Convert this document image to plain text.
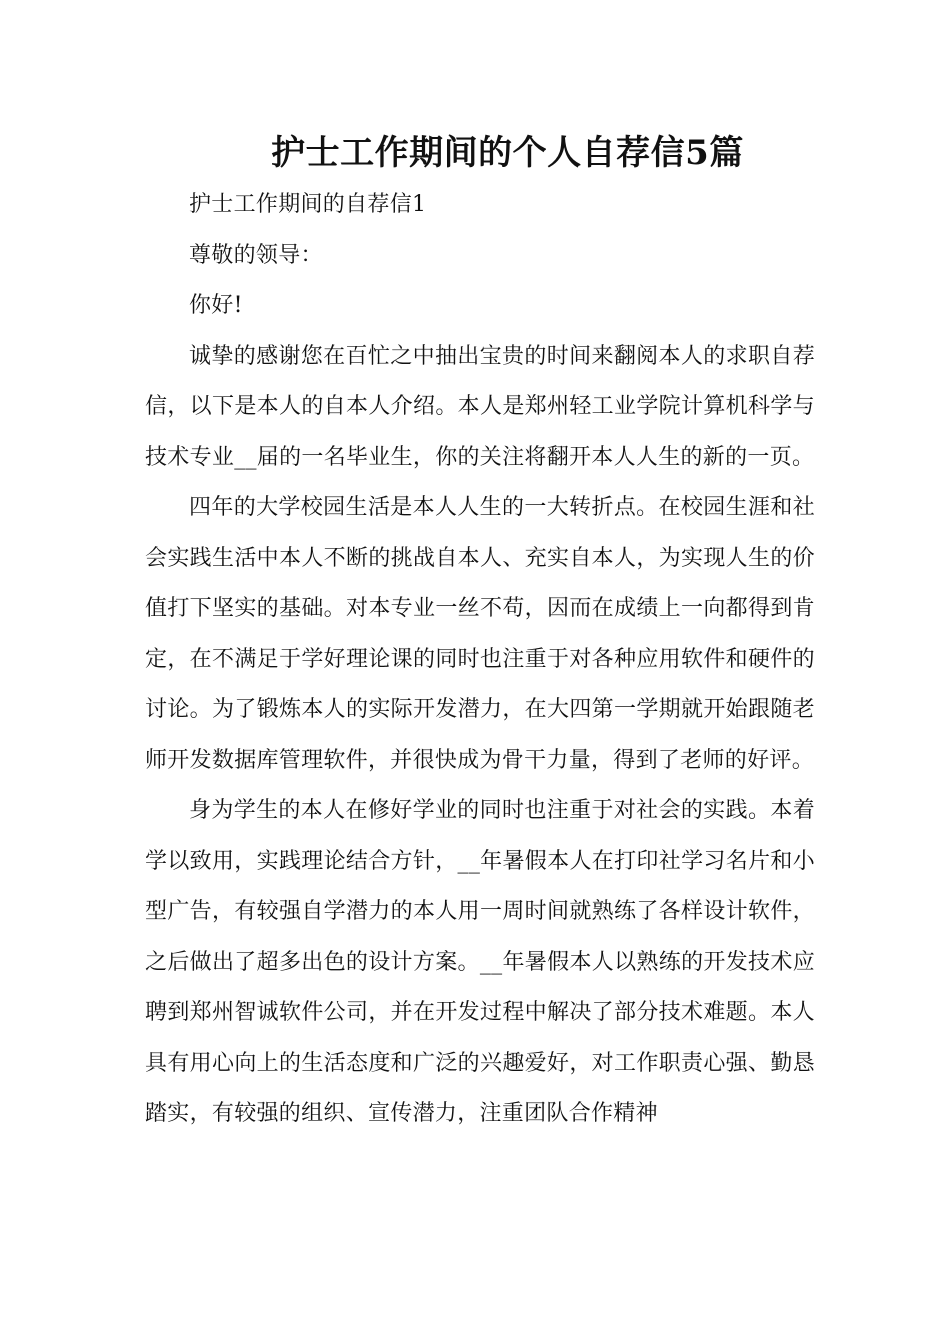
护士工作期间的个人自荐信5篇

护士工作期间的自荐信1

尊敬的领导：

你好!

诚挚的感谢您在百忙之中抽出宝贵的时间来翻阅本人的求职自荐信，以下是本人的自本人介绍。本人是郑州轻工业学院计算机科学与技术专业__届的一名毕业生，你的关注将翻开本人人生的新的一页。

四年的大学校园生活是本人人生的一大转折点。在校园生涯和社会实践生活中本人不断的挑战自本人、充实自本人，为实现人生的价值打下坚实的基础。对本专业一丝不苟，因而在成绩上一向都得到肯定，在不满足于学好理论课的同时也注重于对各种应用软件和硬件的讨论。为了锻炼本人的实际开发潜力，在大四第一学期就开始跟随老师开发数据库管理软件，并很快成为骨干力量，得到了老师的好评。

身为学生的本人在修好学业的同时也注重于对社会的实践。本着学以致用，实践理论结合方针，__年暑假本人在打印社学习名片和小型广告，有较强自学潜力的本人用一周时间就熟练了各样设计软件，之后做出了超多出色的设计方案。__年暑假本人以熟练的开发技术应聘到郑州智诚软件公司，并在开发过程中解决了部分技术难题。本人具有用心向上的生活态度和广泛的兴趣爱好，对工作职责心强、勤恳踏实，有较强的组织、宣传潜力，注重团队合作精神
